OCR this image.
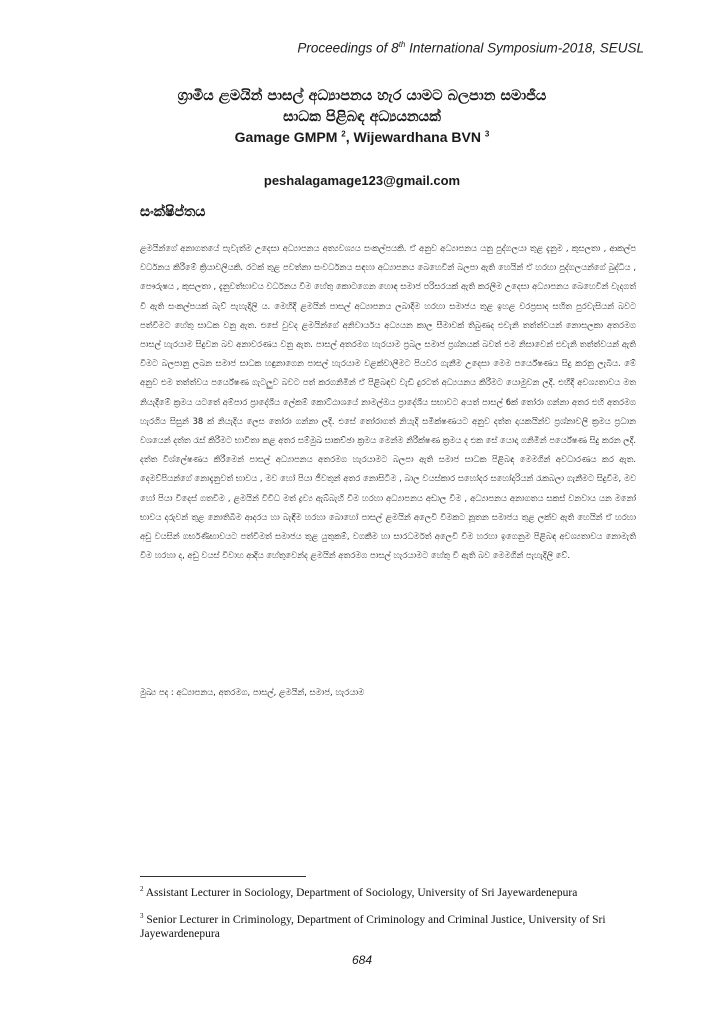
Proceedings of 8th International Symposium-2018, SEUSL
ග්‍රාමීය ළමයින් පාසල් අධ්‍යාපනය හැර යාමට බලපාන සමාජීය
සාධක පිළිබඳ අධ්‍යයනයක්
Gamage GMPM $^2$, Wijewardhana BVN $^3$
peshalagamage123@gmail.com
සංක්ෂිප්තය
ළමයින්ගේ අනාගතයේ පැවැත්ම උදෙසා අධ්‍යාපනය අත්‍යවශ්‍යය සංකල්පයකි. ඒ අනුව අධ්‍යාපනය යනු පුද්ගලයා තුළ දැනුම , කුසලතා , ආකල්ප වර්ධනය කිරීමේ ක්‍රියාවලියකි. රටක් තුළ පවත්නා සංවර්ධනය සඳහා අධ්‍යාපනය බෙහෙවින් බලපා ඇති හෙයින් ඒ හරහා පුද්ගලයන්ගේ බුද්ධිය , පෞරුෂය , කුසලතා , දැනුවත්භාවය වර්ධනය වීම හේතු කොටගෙන හොඳ සමාජ පරිසරයක් ඇති කරලීම උදෙසා අධ්‍යාපනය බෙහෙවින් වැදගත් වී ඇති සංකල්පයක් බැව් පැහැදිලි ය. මෙහිදී ළමයින් පාසල් අධ්‍යාපනය ලබාදීම හරහා සමාජය තුළ ඉහළ වරප්‍රසාද සහිත පුරවැසියන් බවට පත්වීමට හේතු සාධක වනු ඇත. එසේ වුවද ළමයින්ගේ අනිවාර්යය අධ්‍යයන කාල සීමාවක් තිබුණද එවැනි තත්ත්වයන් නොසලකා අතරමග පාසල් හැරයාම සිදුවන බව අනාවරණය වනු ඇත. පාසල් අතරමග හැරයාම ප්‍රබල සමාජ ප්‍රශ්නයක් බවත් එම නිසාවෙන් එවැනි තත්ත්වයන් ඇති වීමට බලපානු ලබන සමාජ සාධක හඳුනාගෙන පාසල් හැරයාම වළක්වාලීමට පියවර ගැනීම උදෙසා මෙම පර්යේෂණය සිදු කරනු ලැබිය. මේ අනුව එම තත්ත්වය පර්යේෂණ ගැටලුව බවට පත් කරගනිමින් ඒ පිළිබඳව වැඩි දුරටත් අධ්‍යයනය කිරීමට යොමුවන ලදී. එහිදී අවශ්‍යතාවය මත නියැදීමේ ක්‍රමය යටතේ අම්පාර ප්‍රාදේශීය ලේකම් කොට්ඨාශයේ නාමල්ඔය ප්‍රාදේශීය සභාවට අයත් පාසල් 6ක් තෝරා ගන්නා අතර එහි අතරමග හැරගිය සිසුන් 38 ක් නියැදිය ලෙස තෝරා ගන්නා ලදි. එසේ තෝරාගත් නියැදි සමීක්ෂණයට අනුව දත්ත දායකයින්ව ප්‍රශ්නාවලි ක්‍රමය ප්‍රධාන වශයෙන් දත්ත රැස් කිරීමට භාවිතා කළ අතර සම්මුඛ සාකච්ඡා ක්‍රමය මෙන්ම නිරීක්ෂණ ක්‍රමය ද එක සේ යොදා ගනිමින් පර්යේෂණ සිදු කරන ලදී. දත්ත විශ්ලේෂණය කිරීමෙන් පාසල් අධ්‍යාපනය අතරමග හැරයාමට බලපා ඇති සමාජ සාධක පිළිබඳ මෙමගින් අවධාරණය කර ඇත. දෙමව්පියන්ගේ නොදැනුවත් භාවය , මව හෝ පියා ජීවතුන් අතර නොසිටීම , බාල වයස්කාර සහෝදර සහෝදරියන් රැකබලා ගැනීමට සිදුවීම, මව හෝ පියා විදෙස් ගතවීම , ළමයින් විවිධ මත් ද්‍රව්‍ය ඇබ්බැහි වීම හරහා අධ්‍යාපනය අඩාල වීම , අධ්‍යාපනය අනාගතය සකස් වනවාය යන මනෝ භාවය දරුවන් තුළ නොතිබීම ආදරය හා බැඳීම හරහා බොහෝ පාසල් ළමයින් අලෙවි විමකට නූතන සමාජය තුළ ලක්ව ඇති හෙයින් ඒ හරහා අඩු වයසින් ගර්භණීභාවයට පත්වීමත් සමාජය තුළ යුතුකම්, වගකීම හා සාරධර්මත් අලෙවි වීම හරහා ඉගෙනුම පිළිබඳ අවශ්‍යතාවය නොමැති වීම හරහා ද, අඩු වයස් විවාහ ආදිය හේතුවෙන්ද ළමයින් අතරමග පාසල් හැරයාමට හේතු වී ඇති බව මෙමගින් පැහැදිලි වේ.
මුඛ්‍ය පද : අධ්‍යාපනය, අතරමග, පාසල්, ළමයින්, සමාජ, හැරයාම
$^2$ Assistant Lecturer in Sociology, Department of Sociology, University of Sri Jayewardenepura
$^3$ Senior Lecturer in Criminology, Department of Criminology and Criminal Justice, University of Sri Jayewardenepura
684
